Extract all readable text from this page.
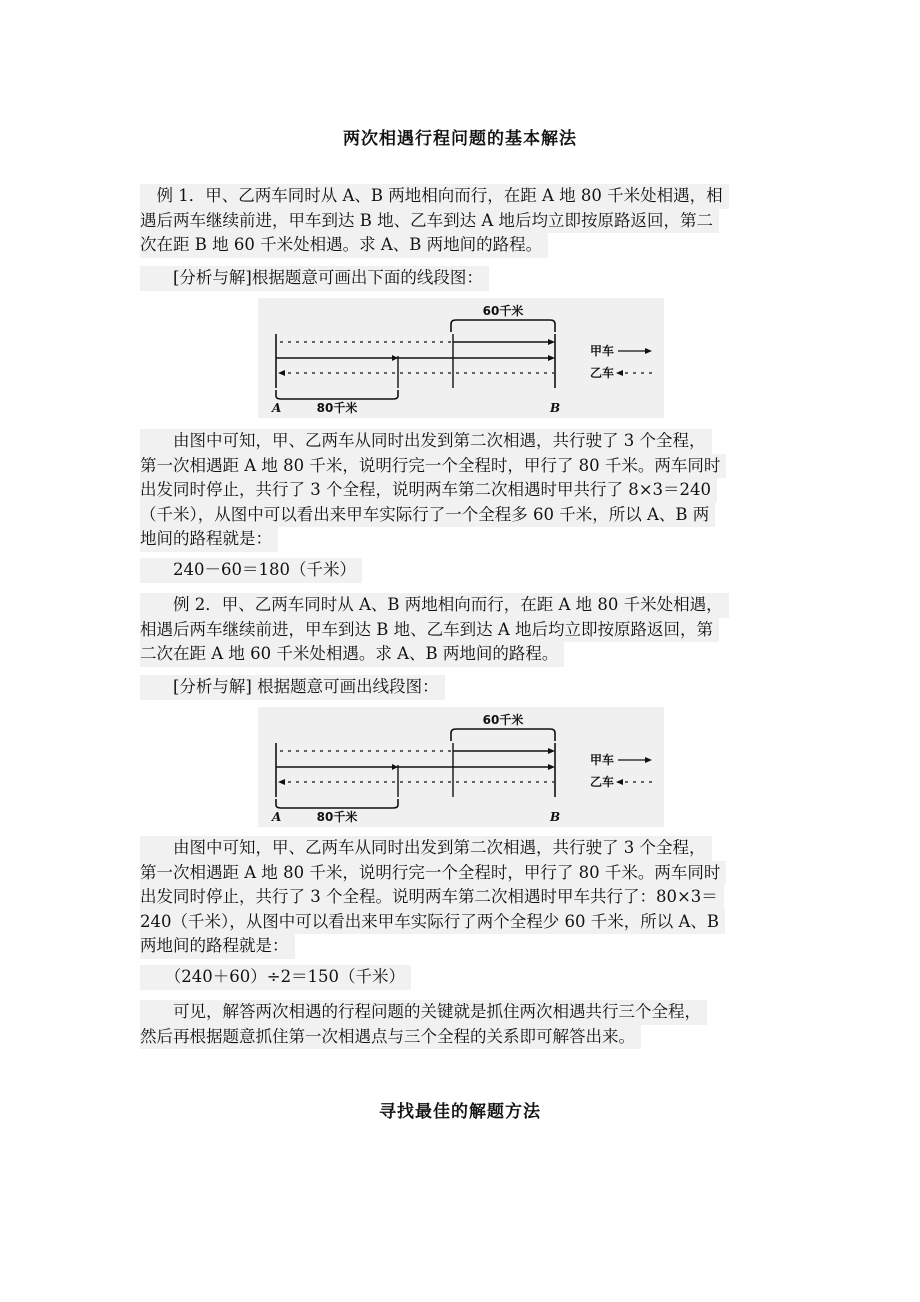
两次相遇行程问题的基本解法
　例 1．甲、乙两车同时从 A、B 两地相向而行，在距 A 地 80 千米处相遇，相 遇后两车继续前进，甲车到达 B 地、乙车到达 A 地后均立即按原路返回，第二 次在距 B 地 60 千米处相遇。求 A、B 两地间的路程。
　　[分析与解]根据题意可画出下面的线段图：
60千米
80千米
A	B
甲车
乙车
　　由图中可知，甲、乙两车从同时出发到第二次相遇，共行驶了 3 个全程， 第一次相遇距 A 地 80 千米，说明行完一个全程时，甲行了 80 千米。两车同时 出发同时停止，共行了 3 个全程，说明两车第二次相遇时甲共行了 8×3＝240 （千米），从图中可以看出来甲车实际行了一个全程多 60 千米，所以 A、B 两 地间的路程就是：
　　240－60＝180（千米）
　　例 2．甲、乙两车同时从 A、B 两地相向而行，在距 A 地 80 千米处相遇， 相遇后两车继续前进，甲车到达 B 地、乙车到达 A 地后均立即按原路返回，第 二次在距 A 地 60 千米处相遇。求 A、B 两地间的路程。
　　[分析与解] 根据题意可画出线段图：
60千米
80千米
A	B
甲车
乙车
　　由图中可知，甲、乙两车从同时出发到第二次相遇，共行驶了 3 个全程， 第一次相遇距 A 地 80 千米，说明行完一个全程时，甲行了 80 千米。两车同时 出发同时停止，共行了 3 个全程。说明两车第二次相遇时甲车共行了：80×3＝ 240（千米），从图中可以看出来甲车实际行了两个全程少 60 千米，所以 A、B 两地间的路程就是：
　　（240＋60）÷2＝150（千米）
　　可见，解答两次相遇的行程问题的关键就是抓住两次相遇共行三个全程， 然后再根据题意抓住第一次相遇点与三个全程的关系即可解答出来。
寻找最佳的解题方法
